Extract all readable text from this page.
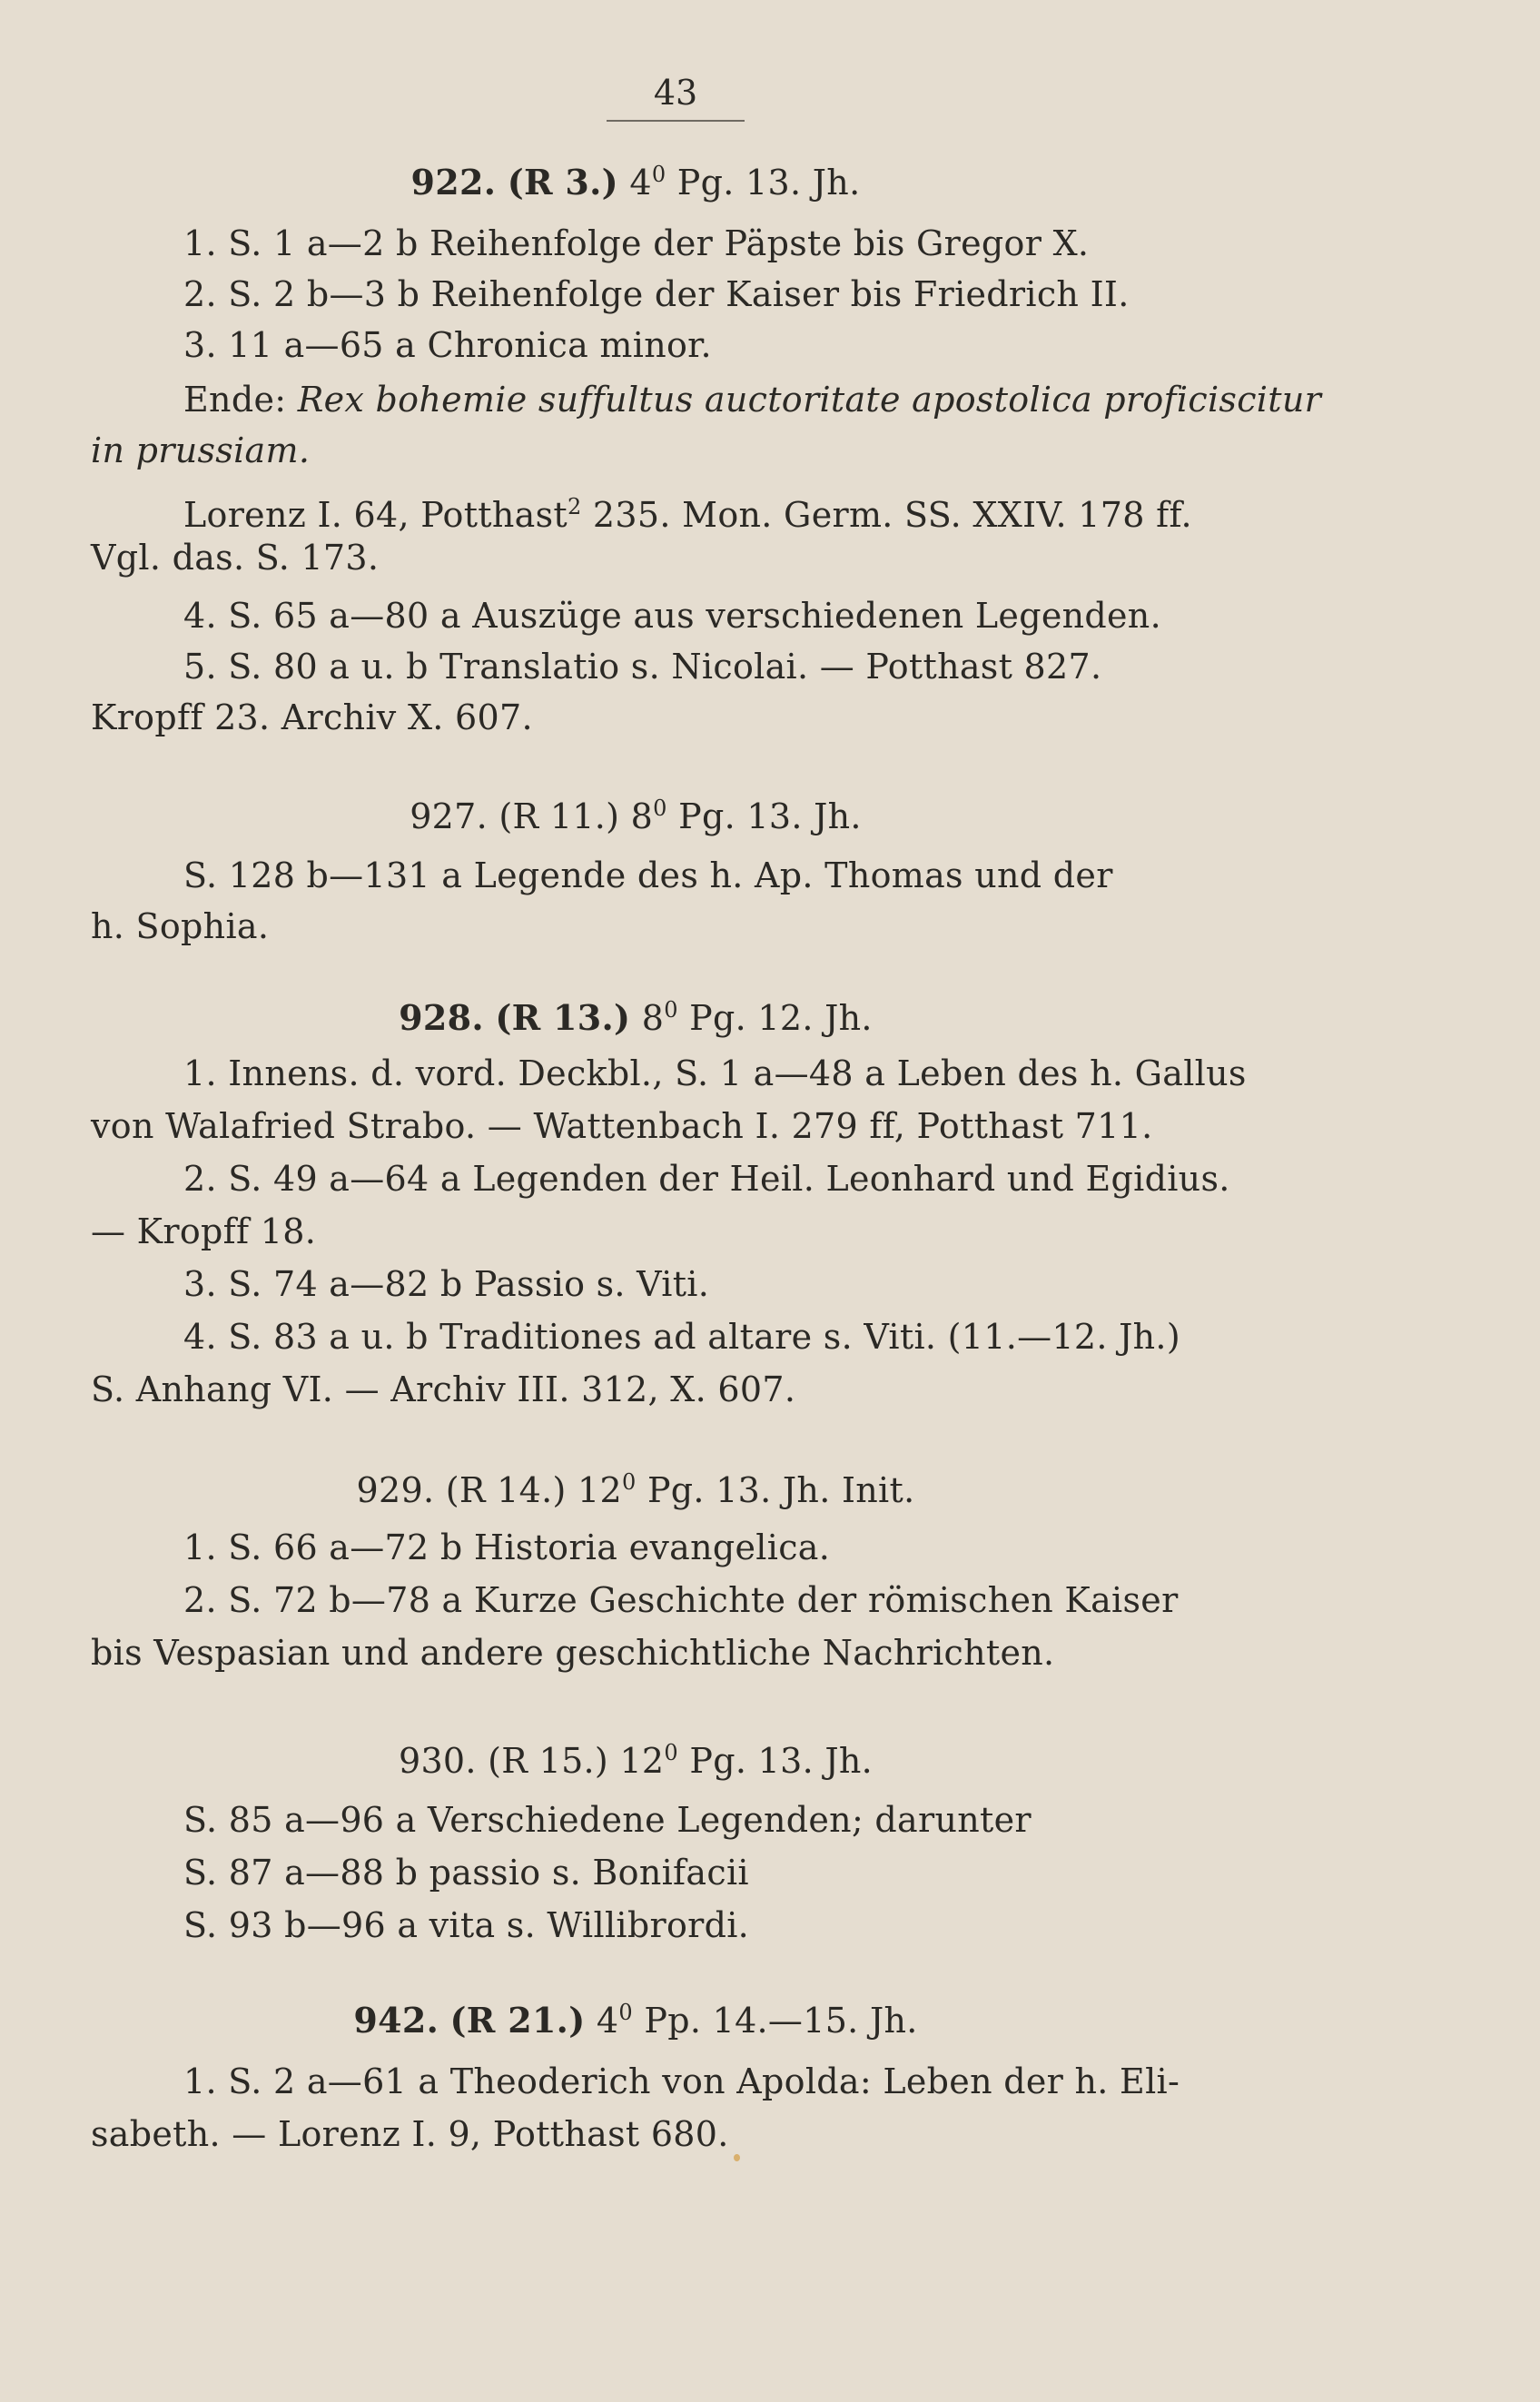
43

922. (R 3.) $4^0$ Pg. 13. Jh.

1. S. 1 a—2 b Reihenfolge der Päpste bis Gregor X.

2. S. 2 b—3 b Reihenfolge der Kaiser bis Friedrich II.

3. 11 a—65 a Chronica minor.

Ende: Rex bohemie suffultus auctoritate apostolica proficiscitur

in prussiam.

Lorenz I. 64, Potthast$^2$ 235. Mon. Germ. SS. XXIV. 178 ff.

Vgl. das. S. 173.

4. S. 65 a—80 a Auszüge aus verschiedenen Legenden.

5. S. 80 a u. b Translatio s. Nicolai. — Potthast 827.

Kropff 23. Archiv X. 607.

927. (R 11.) $8^0$ Pg. 13. Jh.

S. 128 b—131 a Legende des h. Ap. Thomas und der

h. Sophia.

928. (R 13.) $8^0$ Pg. 12. Jh.

1. Innens. d. vord. Deckbl., S. 1 a—48 a Leben des h. Gallus

von Walafried Strabo. — Wattenbach I. 279 ff, Potthast 711.

2. S. 49 a—64 a Legenden der Heil. Leonhard und Egidius.

— Kropff 18.

3. S. 74 a—82 b Passio s. Viti.

4. S. 83 a u. b Traditiones ad altare s. Viti. (11.—12. Jh.)

S. Anhang VI. — Archiv III. 312, X. 607.

929. (R 14.) $12^0$ Pg. 13. Jh. Init.

1. S. 66 a—72 b Historia evangelica.

2. S. 72 b—78 a Kurze Geschichte der römischen Kaiser

bis Vespasian und andere geschichtliche Nachrichten.

930. (R 15.) $12^0$ Pg. 13. Jh.

S. 85 a—96 a Verschiedene Legenden; darunter

S. 87 a—88 b passio s. Bonifacii

S. 93 b—96 a vita s. Willibrordi.

942. (R 21.) $4^0$ Pp. 14.—15. Jh.

1. S. 2 a—61 a Theoderich von Apolda: Leben der h. Eli-

sabeth. — Lorenz I. 9, Potthast 680.
